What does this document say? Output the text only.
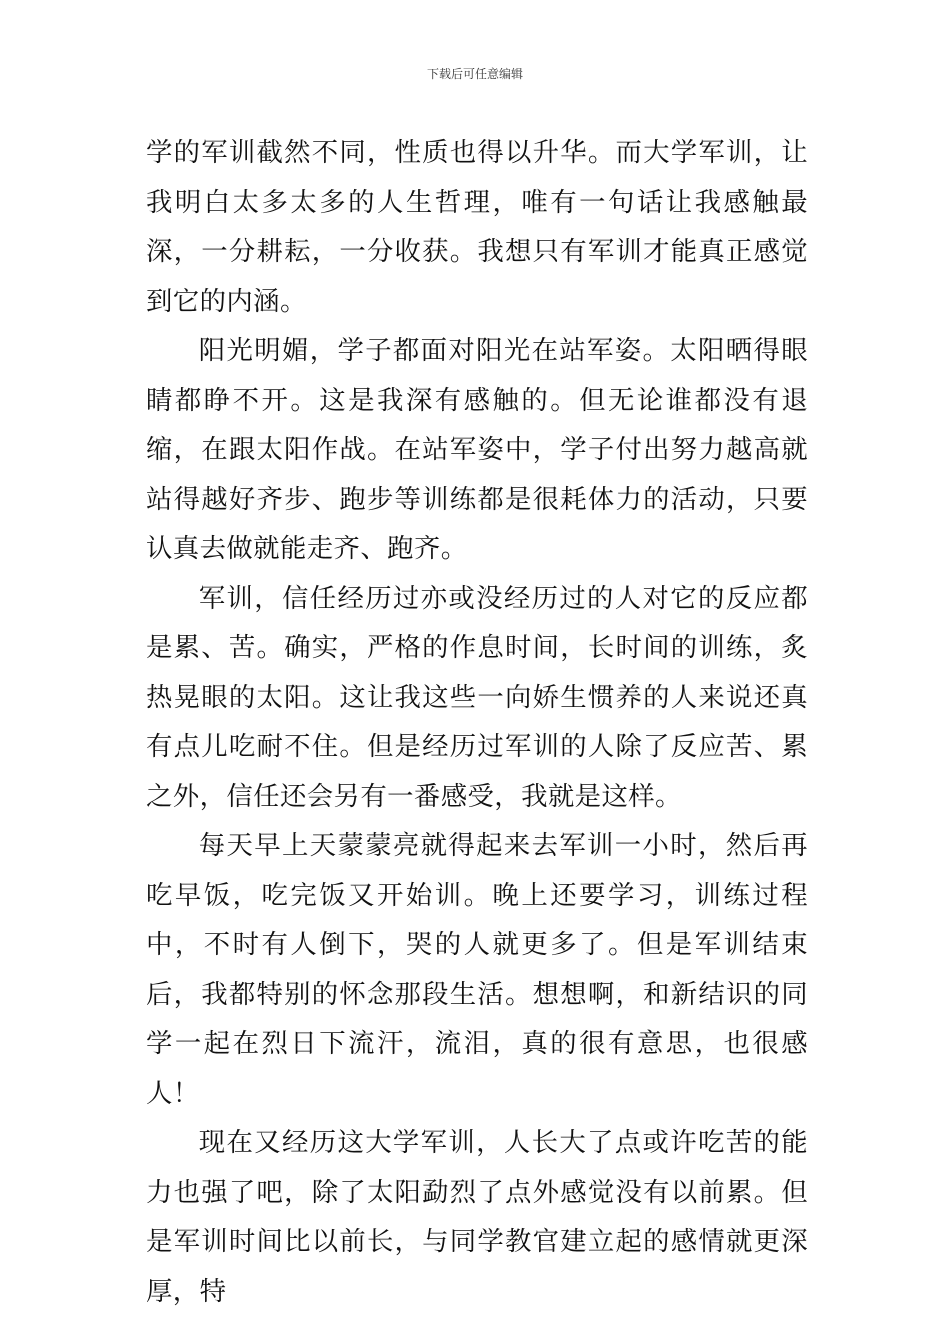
下载后可任意编辑

学的军训截然不同，性质也得以升华。而大学军训，让我明白太多太多的人生哲理，唯有一句话让我感触最深，一分耕耘，一分收获。我想只有军训才能真正感觉到它的内涵。

阳光明媚，学子都面对阳光在站军姿。太阳晒得眼睛都睁不开。这是我深有感触的。但无论谁都没有退缩，在跟太阳作战。在站军姿中，学子付出努力越高就站得越好齐步、跑步等训练都是很耗体力的活动，只要认真去做就能走齐、跑齐。

军训，信任经历过亦或没经历过的人对它的反应都是累、苦。确实，严格的作息时间，长时间的训练，炙热晃眼的太阳。这让我这些一向娇生惯养的人来说还真有点儿吃耐不住。但是经历过军训的人除了反应苦、累之外，信任还会另有一番感受，我就是这样。

每天早上天蒙蒙亮就得起来去军训一小时，然后再吃早饭，吃完饭又开始训。晚上还要学习，训练过程中，不时有人倒下，哭的人就更多了。但是军训结束后，我都特别的怀念那段生活。想想啊，和新结识的同学一起在烈日下流汗，流泪，真的很有意思，也很感人！

现在又经历这大学军训，人长大了点或许吃苦的能力也强了吧，除了太阳勐烈了点外感觉没有以前累。但是军训时间比以前长，与同学教官建立起的感情就更深厚，特
